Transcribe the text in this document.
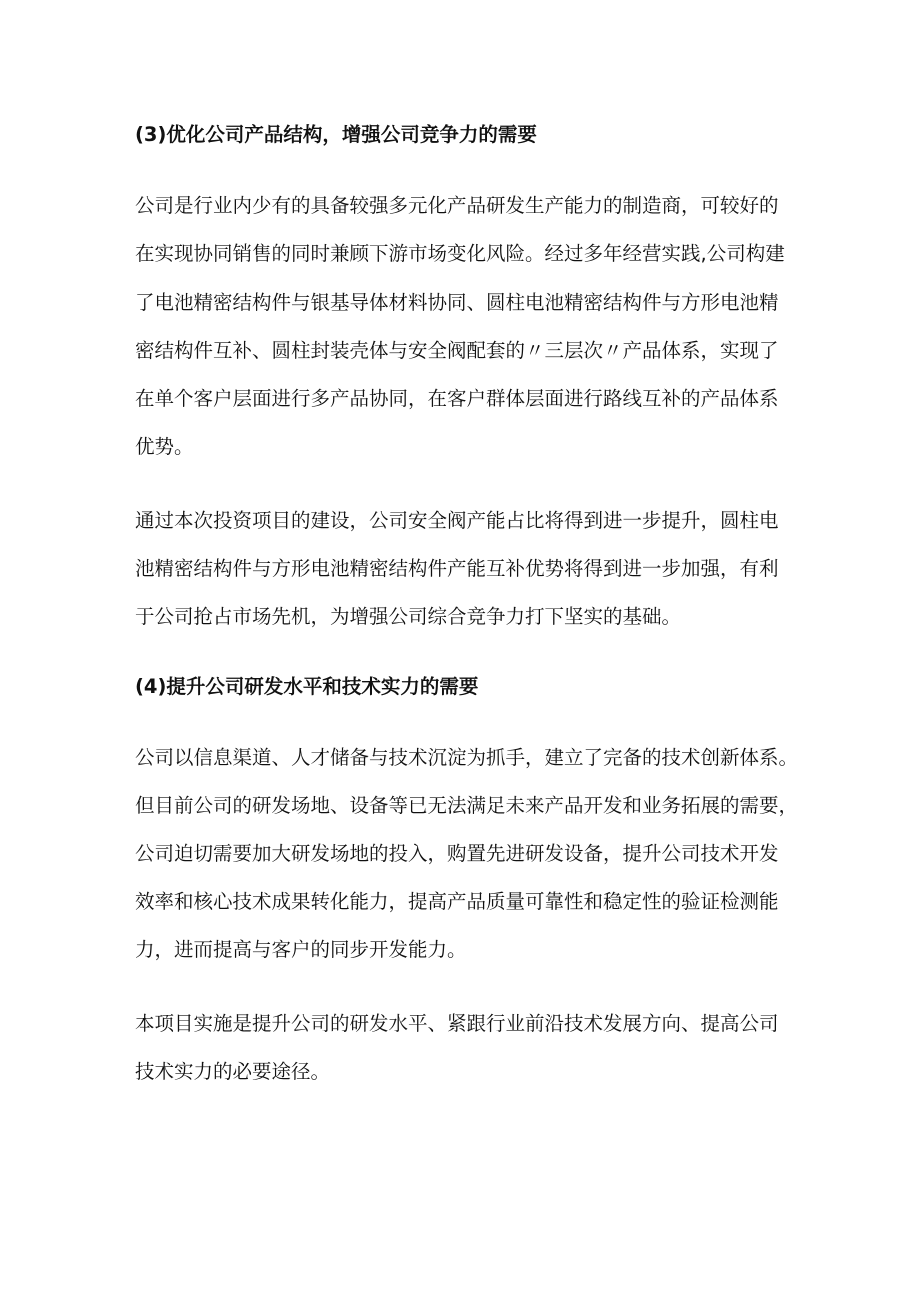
(3)优化公司产品结构，增强公司竞争力的需要

公司是行业内少有的具备较强多元化产品研发生产能力的制造商，可较好的

在实现协同销售的同时兼顾下游市场变化风险。经过多年经营实践,公司构建

了电池精密结构件与银基导体材料协同、圆柱电池精密结构件与方形电池精

密结构件互补、圆柱封装壳体与安全阀配套的〃三层次〃产品体系，实现了

在单个客户层面进行多产品协同，在客户群体层面进行路线互补的产品体系

优势。

通过本次投资项目的建设，公司安全阀产能占比将得到进一步提升，圆柱电

池精密结构件与方形电池精密结构件产能互补优势将得到进一步加强，有利

于公司抢占市场先机，为增强公司综合竞争力打下坚实的基础。

(4)提升公司研发水平和技术实力的需要

公司以信息渠道、人才储备与技术沉淀为抓手，建立了完备的技术创新体系。

但目前公司的研发场地、设备等已无法满足未来产品开发和业务拓展的需要，

公司迫切需要加大研发场地的投入，购置先进研发设备，提升公司技术开发

效率和核心技术成果转化能力，提高产品质量可靠性和稳定性的验证检测能

力，进而提高与客户的同步开发能力。

本项目实施是提升公司的研发水平、紧跟行业前沿技术发展方向、提高公司

技术实力的必要途径。
